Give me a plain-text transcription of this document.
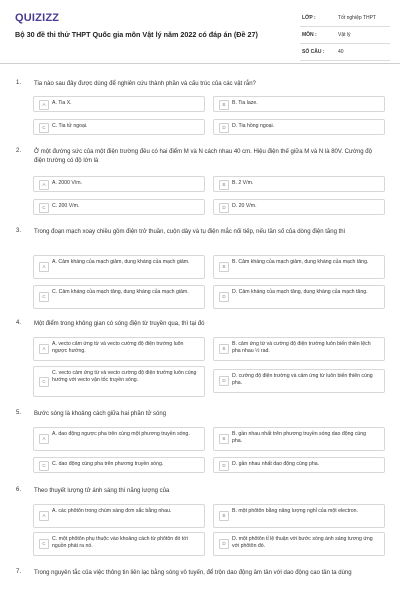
QUIZIZZ
Bộ 30 đề thi thử THPT Quốc gia môn Vật lý năm 2022 có đáp án (Đề 27)
LỚP :	Tốt nghiệp THPT
MÔN :	Vật lý
SỐ CÂU :	40
1. Tia nào sau đây được dùng để nghiên cứu thành phần và cấu trúc của các vật rắn?
A	A. Tia X.	B	B. Tia laze.
C	C. Tia tử ngoại.	D	D. Tia hồng ngoại.
2. Ở một đường sức của một điện trường đều có hai điểm M và N cách nhau 40 cm. Hiệu điện thế giữa M và N là 80V. Cường độ điện trường có độ lớn là
A	A. 2000 V/m.	B	B. 2 V/m.
C	C. 200 V/m.	D	D. 20 V/m.
3. Trong đoạn mạch xoay chiều gồm điện trở thuần, cuộn dây và tụ điện mắc nối tiếp, nếu tần số của dòng điện tăng thì
A
A. Cảm kháng của mạch giảm, dung kháng của mạch giảm.
B
B. Cảm kháng của mạch giảm, dung kháng của mạch tăng.
C
C. Cảm kháng của mạch tăng, dung kháng của mạch giảm.
D
D. Cảm kháng của mạch tăng, dung kháng của mạch tăng.
4. Một điểm trong không gian có sóng điện từ truyền qua, thì tại đó
A
A. vecto cảm ứng từ và vecto cường độ điện trường luôn ngược hướng.	B
B. cảm ứng từ và cường độ điện trường luôn biến thiên lệch pha nhau ½ rad.
C
C. vecto cảm ứng từ và vecto cường độ điện trường luôn cùng hướng với vecto vận tốc truyền sóng.	D
D. cường độ điện trường và cảm ứng từ luôn biến thiên cùng pha.
5. Bước sóng là khoảng cách giữa hai phần tử sóng
A
A. dao động ngược pha trên cùng một phương truyền sóng.
B
B. gần nhau nhất trên phương truyền sóng dao động cùng pha.
C	C. dao động cùng pha trên phương truyền sóng.	D	D. gần nhau nhất dao động cùng pha.
6. Theo thuyết lượng tử ánh sáng thì năng lượng của
A
A. các phôtôn trong chùm sáng đơn sắc bằng nhau.
B
B. một phôtôn bằng năng lượng nghỉ của một electron.
C
C. một phôtôn phụ thuộc vào khoảng cách từ phôtôn đó tới nguồn phát ra nó.	D
D. một phôtôn tỉ lệ thuận với bước sóng ánh sáng tương ứng với phôtôn đó.
7. Trong nguyên tắc của việc thông tin liên lạc bằng sóng vô tuyến, để trộn dao động âm tần với dao động cao tần ta dùng
